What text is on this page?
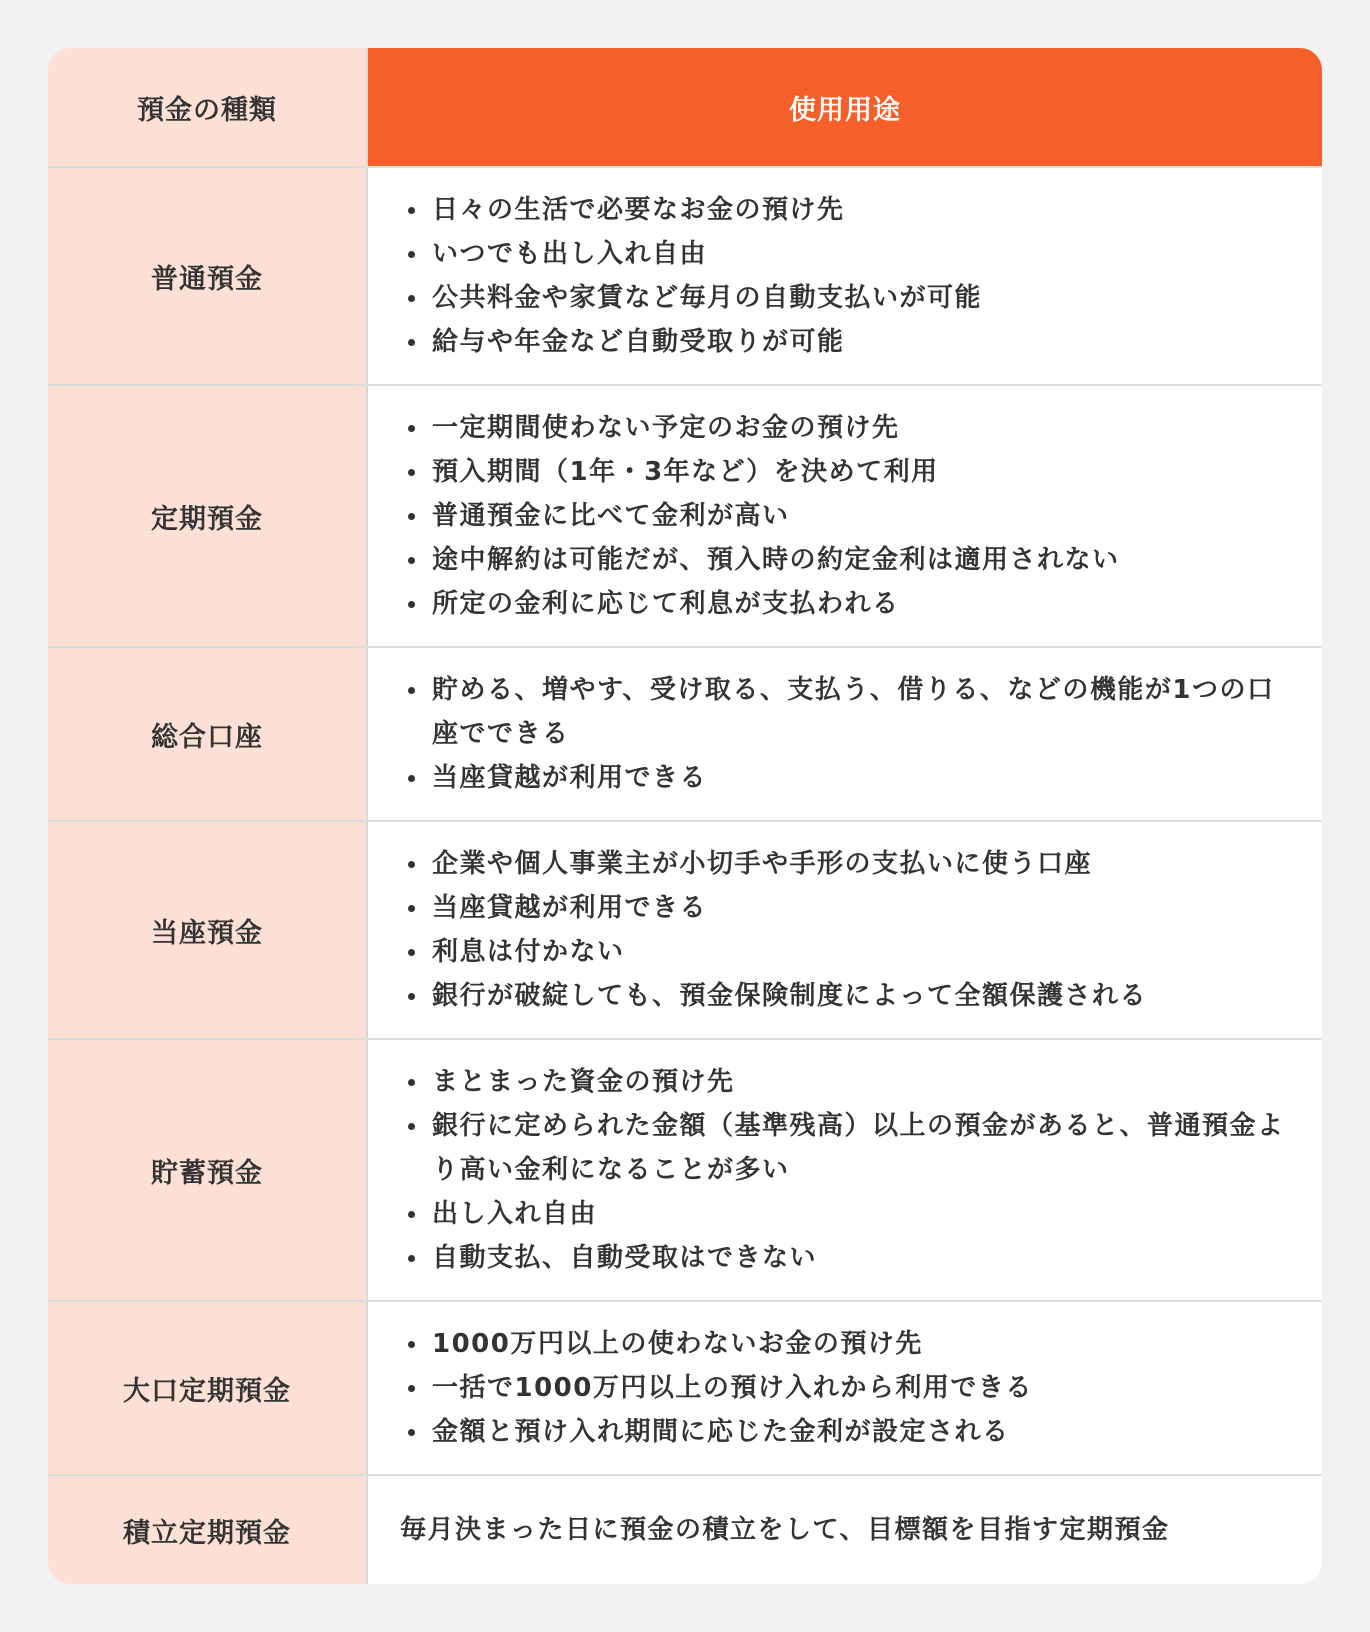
預金の種類	使用用途
普通預金
日々の生活で必要なお金の預け先
いつでも出し入れ自由
公共料金や家賃など毎月の自動支払いが可能
給与や年金など自動受取りが可能
定期預金
一定期間使わない予定のお金の預け先
預入期間（1年・3年など）を決めて利用
普通預金に比べて金利が高い
途中解約は可能だが、預入時の約定金利は適用されない
所定の金利に応じて利息が支払われる
総合口座
貯める、増やす、受け取る、支払う、借りる、などの機能が1つの口座でできる
当座貸越が利用できる
当座預金
企業や個人事業主が小切手や手形の支払いに使う口座
当座貸越が利用できる
利息は付かない
銀行が破綻しても、預金保険制度によって全額保護される
貯蓄預金
まとまった資金の預け先
銀行に定められた金額（基準残高）以上の預金があると、普通預金より高い金利になることが多い
出し入れ自由
自動支払、自動受取はできない
大口定期預金
1000万円以上の使わないお金の預け先
一括で1000万円以上の預け入れから利用できる
金額と預け入れ期間に応じた金利が設定される
積立定期預金	毎月決まった日に預金の積立をして、目標額を目指す定期預金
